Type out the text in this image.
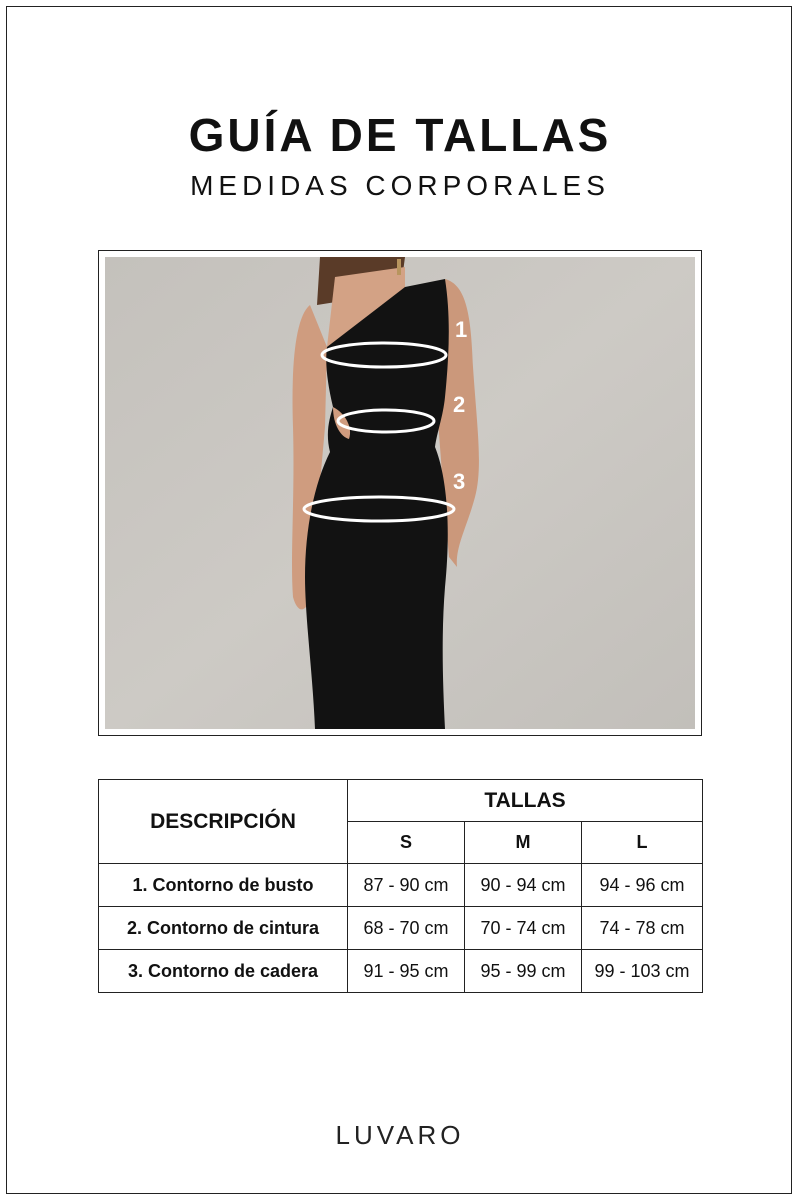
GUÍA DE TALLAS
MEDIDAS CORPORALES
1
2
3
DESCRIPCIÓN	TALLAS		
	S	M	L
1. Contorno de busto	87 - 90 cm	90 - 94 cm	94 - 96 cm
2. Contorno de cintura	68 - 70 cm	70 - 74 cm	74 - 78 cm
3. Contorno de cadera	91 - 95 cm	95 - 99 cm	99 - 103 cm
LUVARO
